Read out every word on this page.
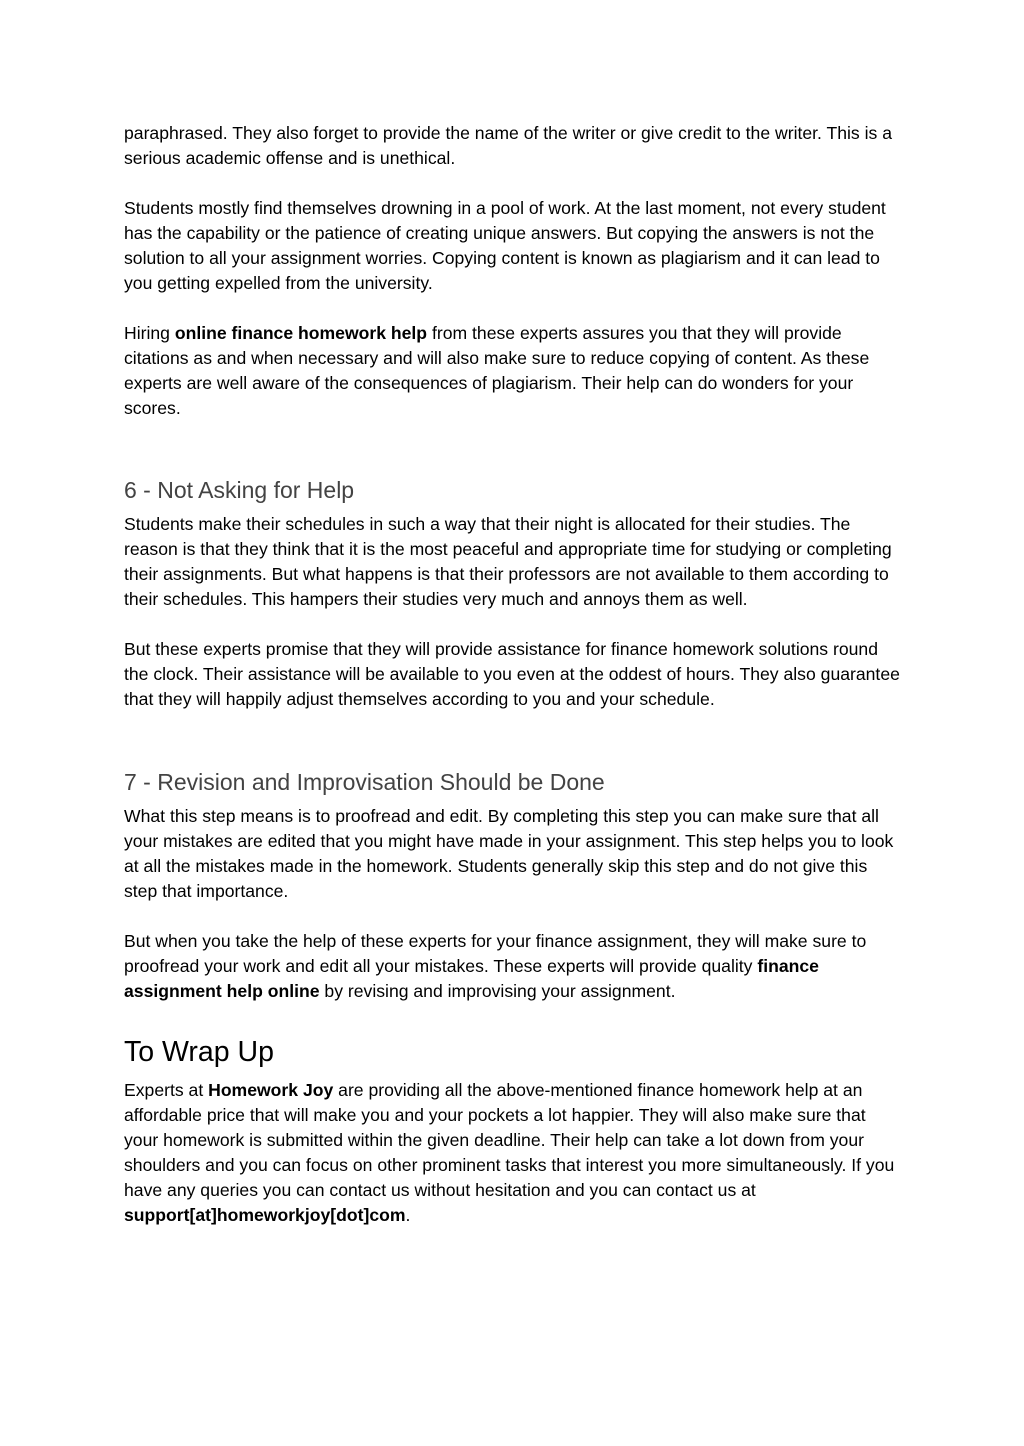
paraphrased. They also forget to provide the name of the writer or give credit to the writer. This is a serious academic offense and is unethical.

Students mostly find themselves drowning in a pool of work. At the last moment, not every student has the capability or the patience of creating unique answers. But copying the answers is not the solution to all your assignment worries. Copying content is known as plagiarism and it can lead to you getting expelled from the university.

Hiring online finance homework help from these experts assures you that they will provide citations as and when necessary and will also make sure to reduce copying of content. As these experts are well aware of the consequences of plagiarism. Their help can do wonders for your scores.

6 - Not Asking for Help

Students make their schedules in such a way that their night is allocated for their studies. The reason is that they think that it is the most peaceful and appropriate time for studying or completing their assignments. But what happens is that their professors are not available to them according to their schedules. This hampers their studies very much and annoys them as well.

But these experts promise that they will provide assistance for finance homework solutions round the clock. Their assistance will be available to you even at the oddest of hours. They also guarantee that they will happily adjust themselves according to you and your schedule.

7 - Revision and Improvisation Should be Done

What this step means is to proofread and edit. By completing this step you can make sure that all your mistakes are edited that you might have made in your assignment. This step helps you to look at all the mistakes made in the homework. Students generally skip this step and do not give this step that importance.

But when you take the help of these experts for your finance assignment, they will make sure to proofread your work and edit all your mistakes. These experts will provide quality finance assignment help online by revising and improvising your assignment.

To Wrap Up

Experts at Homework Joy are providing all the above-mentioned finance homework help at an affordable price that will make you and your pockets a lot happier. They will also make sure that your homework is submitted within the given deadline. Their help can take a lot down from your shoulders and you can focus on other prominent tasks that interest you more simultaneously. If you have any queries you can contact us without hesitation and you can contact us at support[at]homeworkjoy[dot]com.
